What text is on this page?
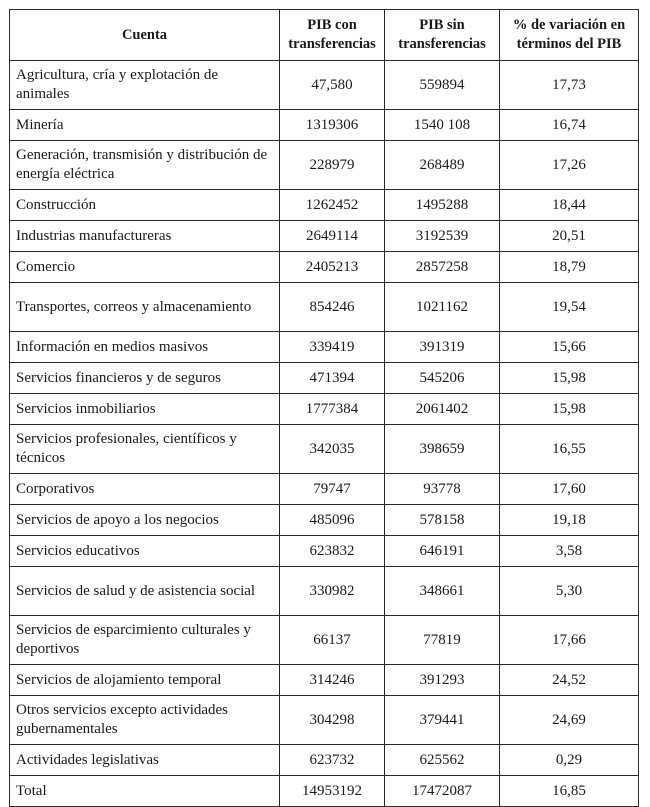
Cuenta	PIB con transferencias	PIB sin transferencias	% de variación en términos del PIB
Agricultura, cría y explotación de animales	47,580	559894	17,73
Minería	1319306	1540 108	16,74
Generación, transmisión y distribución de energía eléctrica	228979	268489	17,26
Construcción	1262452	1495288	18,44
Industrias manufactureras	2649114	3192539	20,51
Comercio	2405213	2857258	18,79
Transportes, correos y almacenamiento	854246	1021162	19,54
Información en medios masivos	339419	391319	15,66
Servicios financieros y de seguros	471394	545206	15,98
Servicios inmobiliarios	1777384	2061402	15,98
Servicios profesionales, científicos y técnicos	342035	398659	16,55
Corporativos	79747	93778	17,60
Servicios de apoyo a los negocios	485096	578158	19,18
Servicios educativos	623832	646191	3,58
Servicios de salud y de asistencia social	330982	348661	5,30
Servicios de esparcimiento culturales y deportivos	66137	77819	17,66
Servicios de alojamiento temporal	314246	391293	24,52
Otros servicios excepto actividades gubernamentales	304298	379441	24,69
Actividades legislativas	623732	625562	0,29
Total	14953192	17472087	16,85
